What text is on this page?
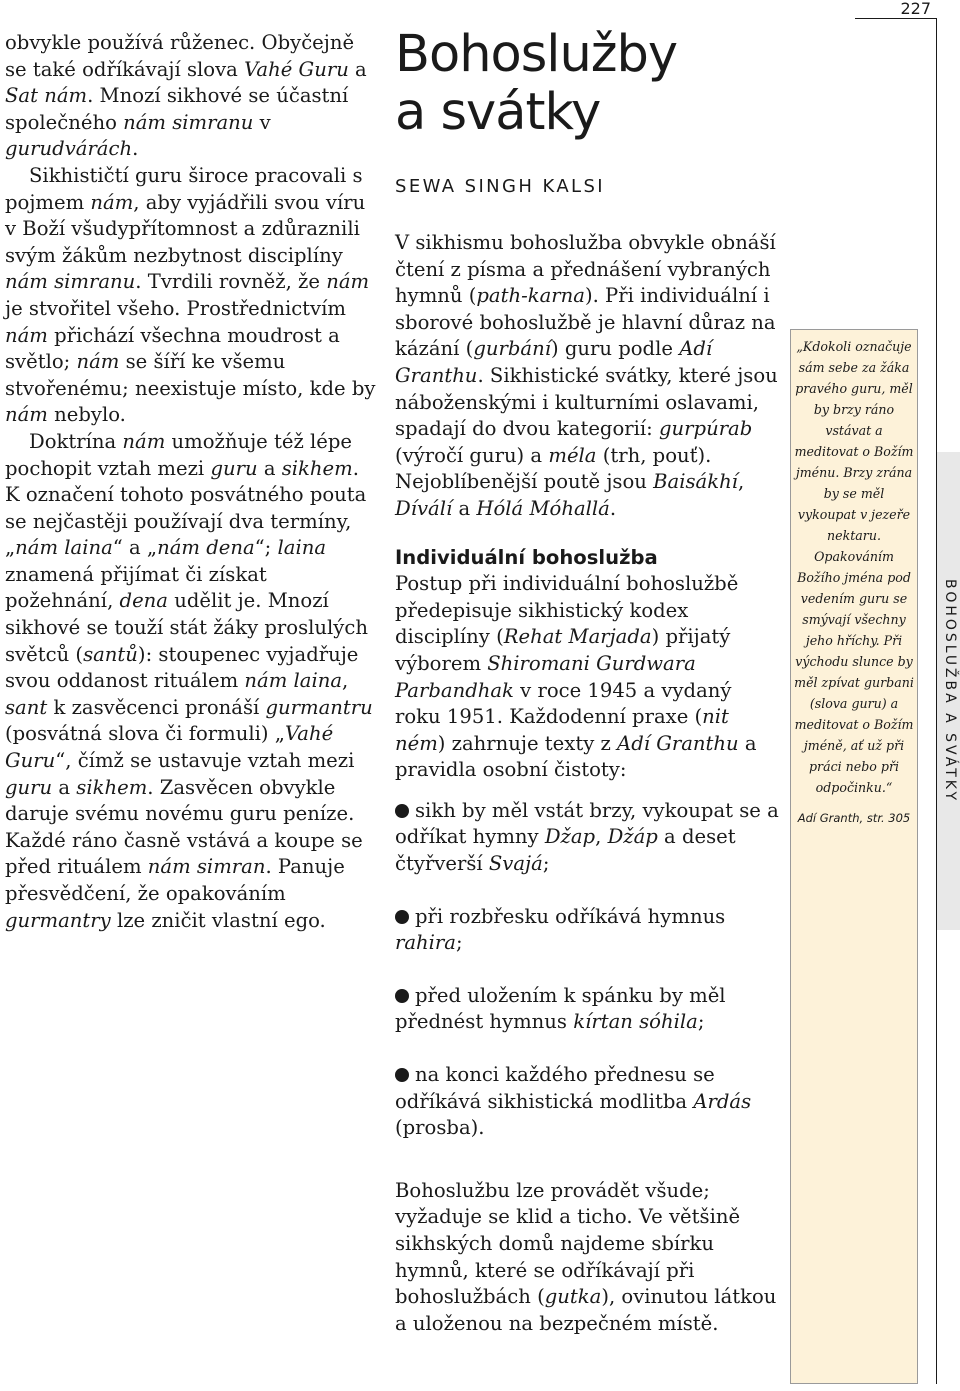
227
BOHOSLUŽBA A SVÁTKY

obvykle používá růženec. Obyčejně se také odříkávají slova Vahé Guru a Sat nám. Mnozí sikhové se účastní společného nám simranu v gurudvárách.

Sikhističtí guru široce pracovali s pojmem nám, aby vyjádřili svou víru v Boží všudypřítomnost a zdůraznili svým žákům nezbytnost disciplíny nám simranu. Tvrdili rovněž, že nám je stvořitel všeho. Prostřednictvím nám přichází všechna moudrost a světlo; nám se šíří ke všemu stvořenému; neexistuje místo, kde by nám nebylo.

Doktrína nám umožňuje též lépe pochopit vztah mezi guru a sikhem. K označení tohoto posvátného pouta se nejčastěji používají dva termíny, „nám laina“ a „nám dena“; laina znamená přijímat či získat požehnání, dena udělit je. Mnozí sikhové se touží stát žáky proslulých světců (santů): stoupenec vyjadřuje svou oddanost rituálem nám laina, sant k zasvěcenci pronáší gurmantru (posvátná slova či formuli) „Vahé Guru“, čímž se ustavuje vztah mezi guru a sikhem. Zasvěcen obvykle daruje svému novému guru peníze. Každé ráno časně vstává a koupe se před rituálem nám simran. Panuje přesvědčení, že opakováním gurmantry lze zničit vlastní ego.

Bohoslužby
a svátky
SEWA SINGH KALSI

V sikhismu bohoslužba obvykle obnáší čtení z písma a přednášení vybraných hymnů (path-karna). Při individuální i sborové bohoslužbě je hlavní důraz na kázání (gurbání) guru podle Adí Granthu. Sikhistické svátky, které jsou náboženskými i kulturními oslavami, spadají do dvou kategorií: gurpúrab (výročí guru) a méla (trh, pouť). Nejoblíbenější poutě jsou Baisákhí, Díválí a Hólá Móhallá.

Individuální bohoslužba

Postup při individuální bohoslužbě předepisuje sikhistický kodex disciplíny (Rehat Marjada) přijatý výborem Shiromani Gurdwara Parbandhak v roce 1945 a vydaný roku 1951. Každodenní praxe (nit ném) zahrnuje texty z Adí Granthu a pravidla osobní čistoty:

sikh by měl vstát brzy, vykoupat se a odříkat hymny Džap, Džáp a deset čtyřverší Svajá;
při rozbřesku odříkává hymnus rahira;
před uložením k spánku by měl přednést hymnus kírtan sóhila;
na konci každého přednesu se odříkává sikhistická modlitba Ardás (prosba).

Bohoslužbu lze provádět všude; vyžaduje se klid a ticho. Ve většině sikhských domů najdeme sbírku hymnů, které se odříkávají při bohoslužbách (gutka), ovinutou látkou a uloženou na bezpečném místě.

„Kdokoli označuje sám sebe za žáka pravého guru, měl by brzy ráno vstávat a meditovat o Božím jménu. Brzy zrána by se měl vykoupat v jezeře nektaru. Opakováním Božího jména pod vedením guru se smývají všechny jeho hříchy. Při východu slunce by měl zpívat gurbani (slova guru) a meditovat o Božím jméně, ať už při práci nebo při odpočinku.“
Adí Granth, str. 305
